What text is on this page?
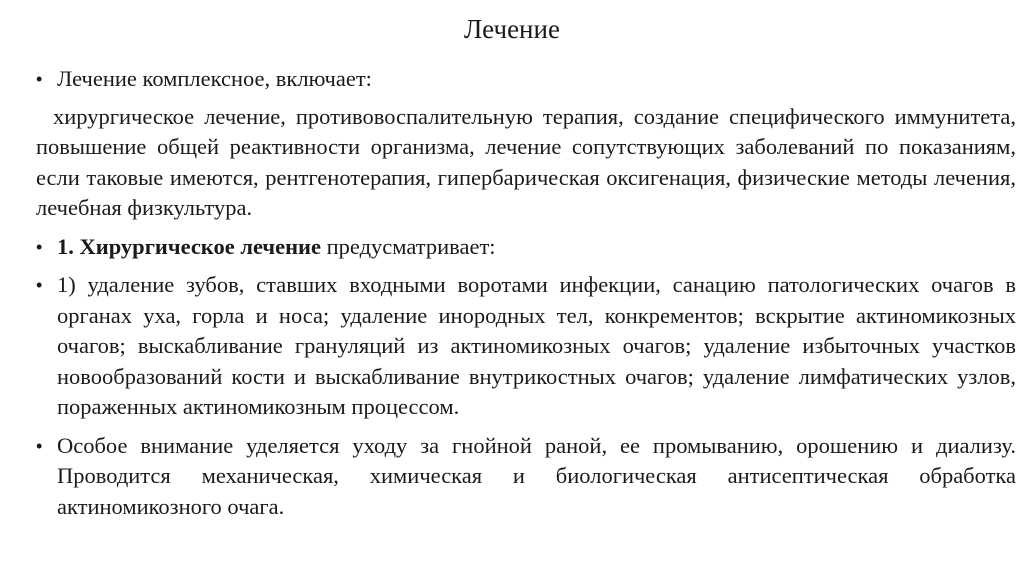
Лечение
• Лечение комплексное, включает:
хирургическое лечение, противовоспалительную терапия, создание специфического иммунитета, повышение общей реактивности организма, лечение сопутствующих заболеваний по показаниям, если таковые имеются, рентгенотерапия, гипербарическая оксигенация, физические методы лечения, лечебная физкультура.
• 1. Хирургическое лечение предусматривает:
• 1) удаление зубов, ставших входными воротами инфекции, санацию патологических очагов в органах уха, горла и носа; удаление инородных тел, конкрементов; вскрытие актиномикозных очагов; выскабливание грануляций из актиномикозных очагов; удаление избыточных участков новообразований кости и выскабливание внутрикостных очагов; удаление лимфатических узлов, пораженных актиномикозным процессом.
• Особое внимание уделяется уходу за гнойной раной, ее промыванию, орошению и диализу. Проводится механическая, химическая и биологическая антисептическая обработка актиномикозного очага.
